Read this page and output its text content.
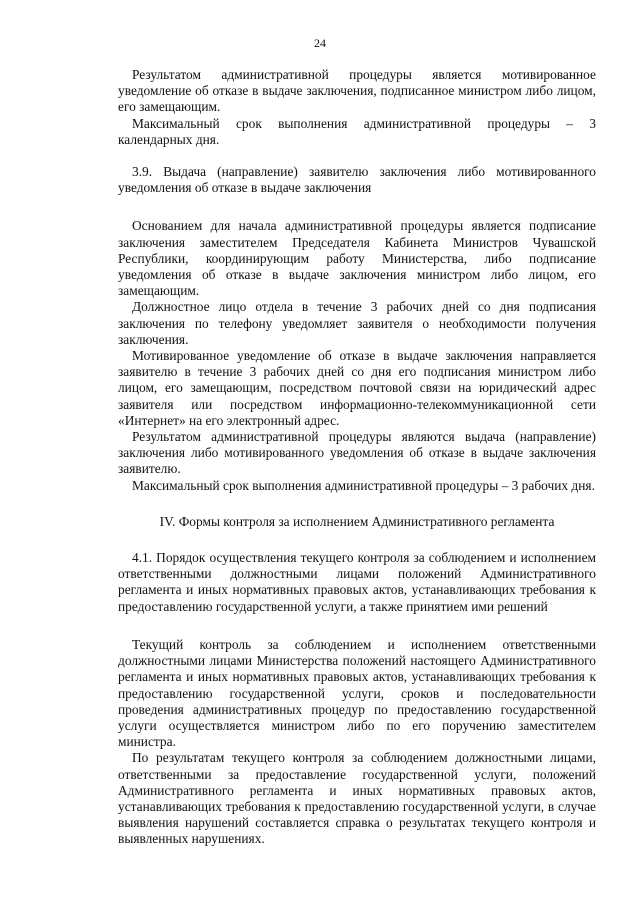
24

Результатом административной процедуры является мотивированное уведомление об отказе в выдаче заключения, подписанное министром либо лицом, его замещающим.

Максимальный срок выполнения административной процедуры – 3 календарных дня.

3.9. Выдача (направление) заявителю заключения либо мотивированного уведомления об отказе в выдаче заключения

Основанием для начала административной процедуры является подписание заключения заместителем Председателя Кабинета Министров Чувашской Республики, координирующим работу Министерства, либо подписание уведомления об отказе в выдаче заключения министром либо лицом, его замещающим.

Должностное лицо отдела в течение 3 рабочих дней со дня подписания заключения по телефону уведомляет заявителя о необходимости получения заключения.

Мотивированное уведомление об отказе в выдаче заключения направляется заявителю в течение 3 рабочих дней со дня его подписания министром либо лицом, его замещающим, посредством почтовой связи на юридический адрес заявителя или посредством информационно-телекоммуникационной сети «Интернет» на его электронный адрес.

Результатом административной процедуры являются выдача (направление) заключения либо мотивированного уведомления об отказе в выдаче заключения заявителю.

Максимальный срок выполнения административной процедуры – 3 рабочих дня.

IV. Формы контроля за исполнением Административного регламента

4.1. Порядок осуществления текущего контроля за соблюдением и исполнением ответственными должностными лицами положений Административного регламента и иных нормативных правовых актов, устанавливающих требования к предоставлению государственной услуги, а также принятием ими решений

Текущий контроль за соблюдением и исполнением ответственными должностными лицами Министерства положений настоящего Административного регламента и иных нормативных правовых актов, устанавливающих требования к предоставлению государственной услуги, сроков и последовательности проведения административных процедур по предоставлению государственной услуги осуществляется министром либо по его поручению заместителем министра.

По результатам текущего контроля за соблюдением должностными лицами, ответственными за предоставление государственной услуги, положений Административного регламента и иных нормативных правовых актов, устанавливающих требования к предоставлению государственной услуги, в случае выявления нарушений составляется справка о результатах текущего контроля и выявленных нарушениях.
